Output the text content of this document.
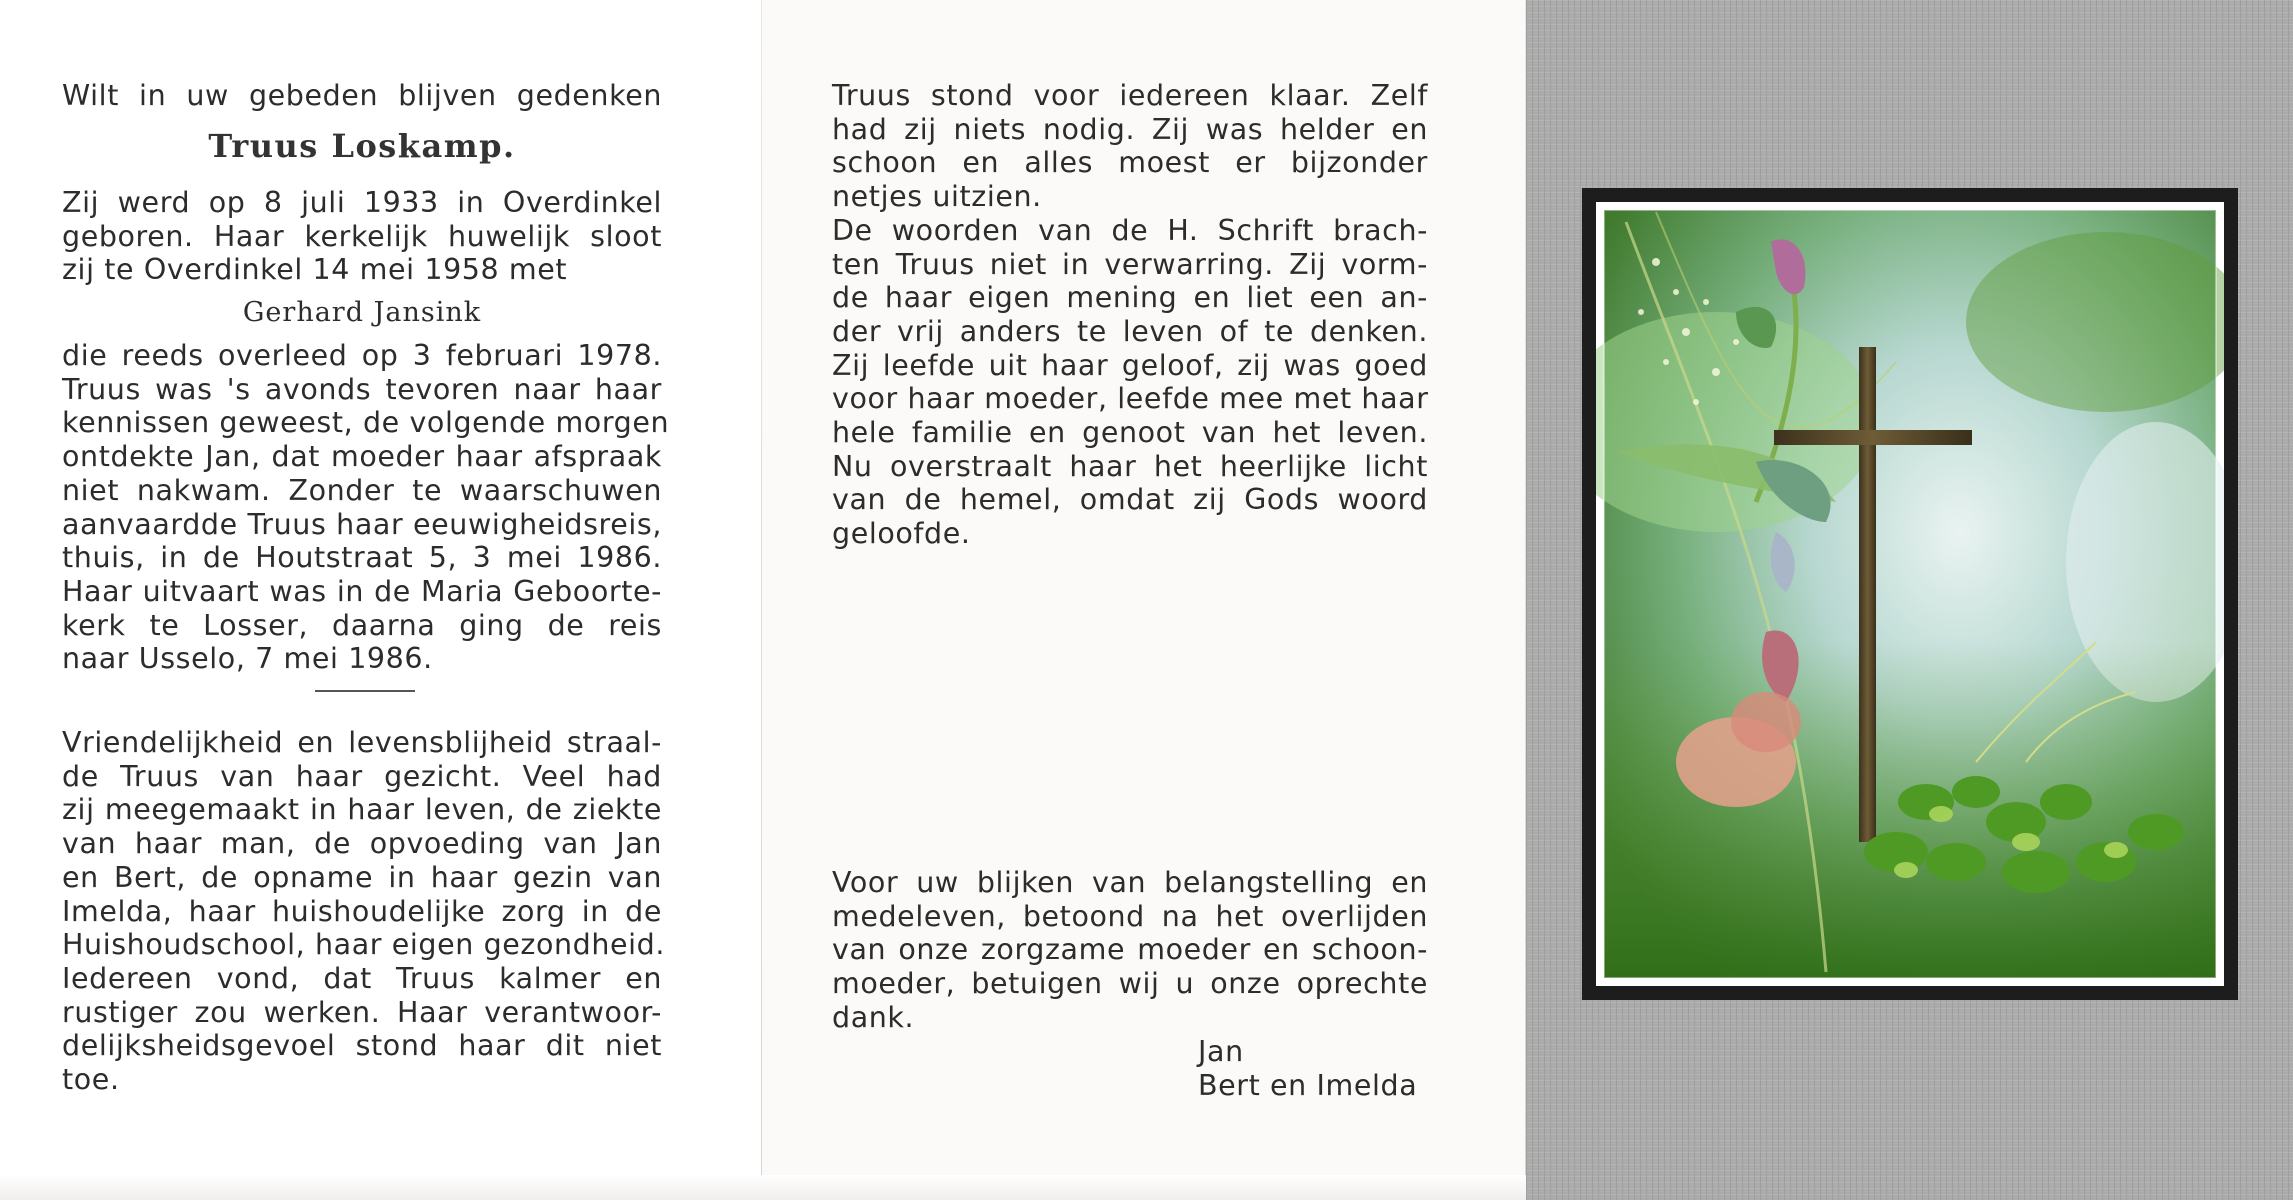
Wilt in uw gebeden blijven gedenken

Truus Loskamp.

Zij werd op 8 juli 1933 in Overdinkel
geboren. Haar kerkelijk huwelijk sloot
zij te Overdinkel 14 mei 1958 met

Gerhard Jansink

die reeds overleed op 3 februari 1978.
Truus was 's avonds tevoren naar haar
kennissen geweest, de volgende morgen
ontdekte Jan, dat moeder haar afspraak
niet nakwam. Zonder te waarschuwen
aanvaardde Truus haar eeuwigheidsreis,
thuis, in de Houtstraat 5, 3 mei 1986.
Haar uitvaart was in de Maria Geboorte-
kerk te Losser, daarna ging de reis
naar Usselo, 7 mei 1986.
Vriendelijkheid en levensblijheid straal-
de Truus van haar gezicht. Veel had
zij meegemaakt in haar leven, de ziekte
van haar man, de opvoeding van Jan
en Bert, de opname in haar gezin van
Imelda, haar huishoudelijke zorg in de
Huishoudschool, haar eigen gezondheid.
Iedereen vond, dat Truus kalmer en
rustiger zou werken. Haar verantwoor-
delijksheidsgevoel stond haar dit niet
toe.
Truus stond voor iedereen klaar. Zelf
had zij niets nodig. Zij was helder en
schoon en alles moest er bijzonder
netjes uitzien.
De woorden van de H. Schrift brach-
ten Truus niet in verwarring. Zij vorm-
de haar eigen mening en liet een an-
der vrij anders te leven of te denken.
Zij leefde uit haar geloof, zij was goed
voor haar moeder, leefde mee met haar
hele familie en genoot van het leven.
Nu overstraalt haar het heerlijke licht
van de hemel, omdat zij Gods woord
geloofde.
Voor uw blijken van belangstelling en
medeleven, betoond na het overlijden
van onze zorgzame moeder en schoon-
moeder, betuigen wij u onze oprechte
dank.
Jan
Bert en Imelda
